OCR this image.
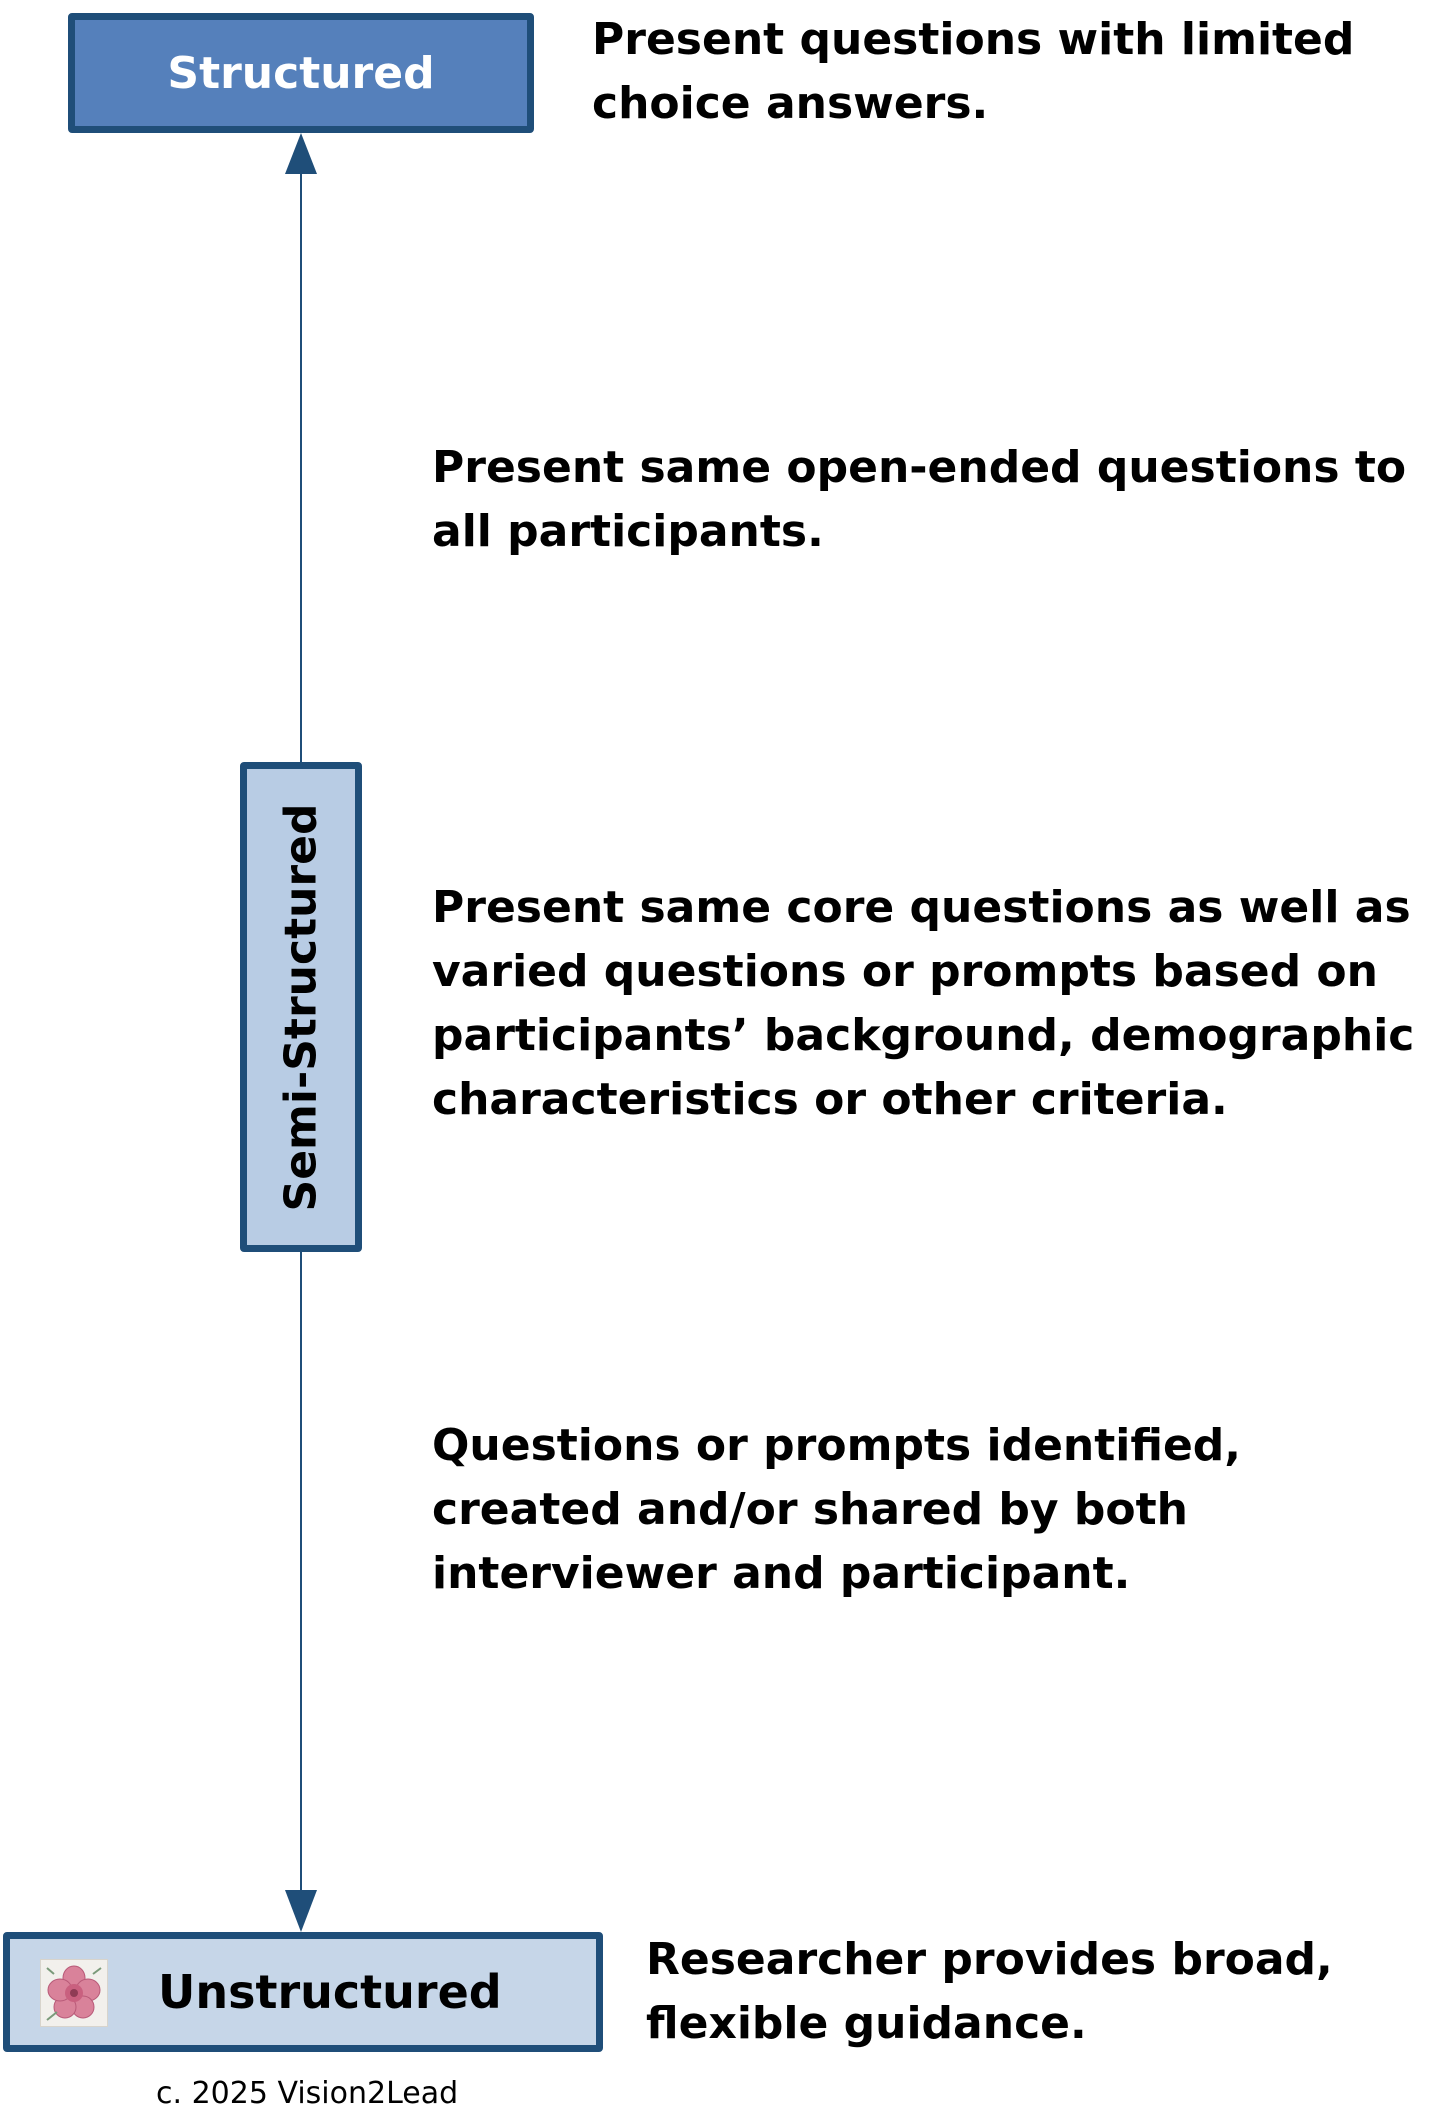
Structured
Present questions with limited choice answers.
Present same open-ended questions to all participants.
Semi-Structured Present same core questions as well as varied questions or prompts based on participants’ background, demographic characteristics or other criteria.
Questions or prompts identified, created and/or shared by both interviewer and participant.
Unstructured
Researcher provides broad, flexible guidance.
c. 2025 Vision2Lead
